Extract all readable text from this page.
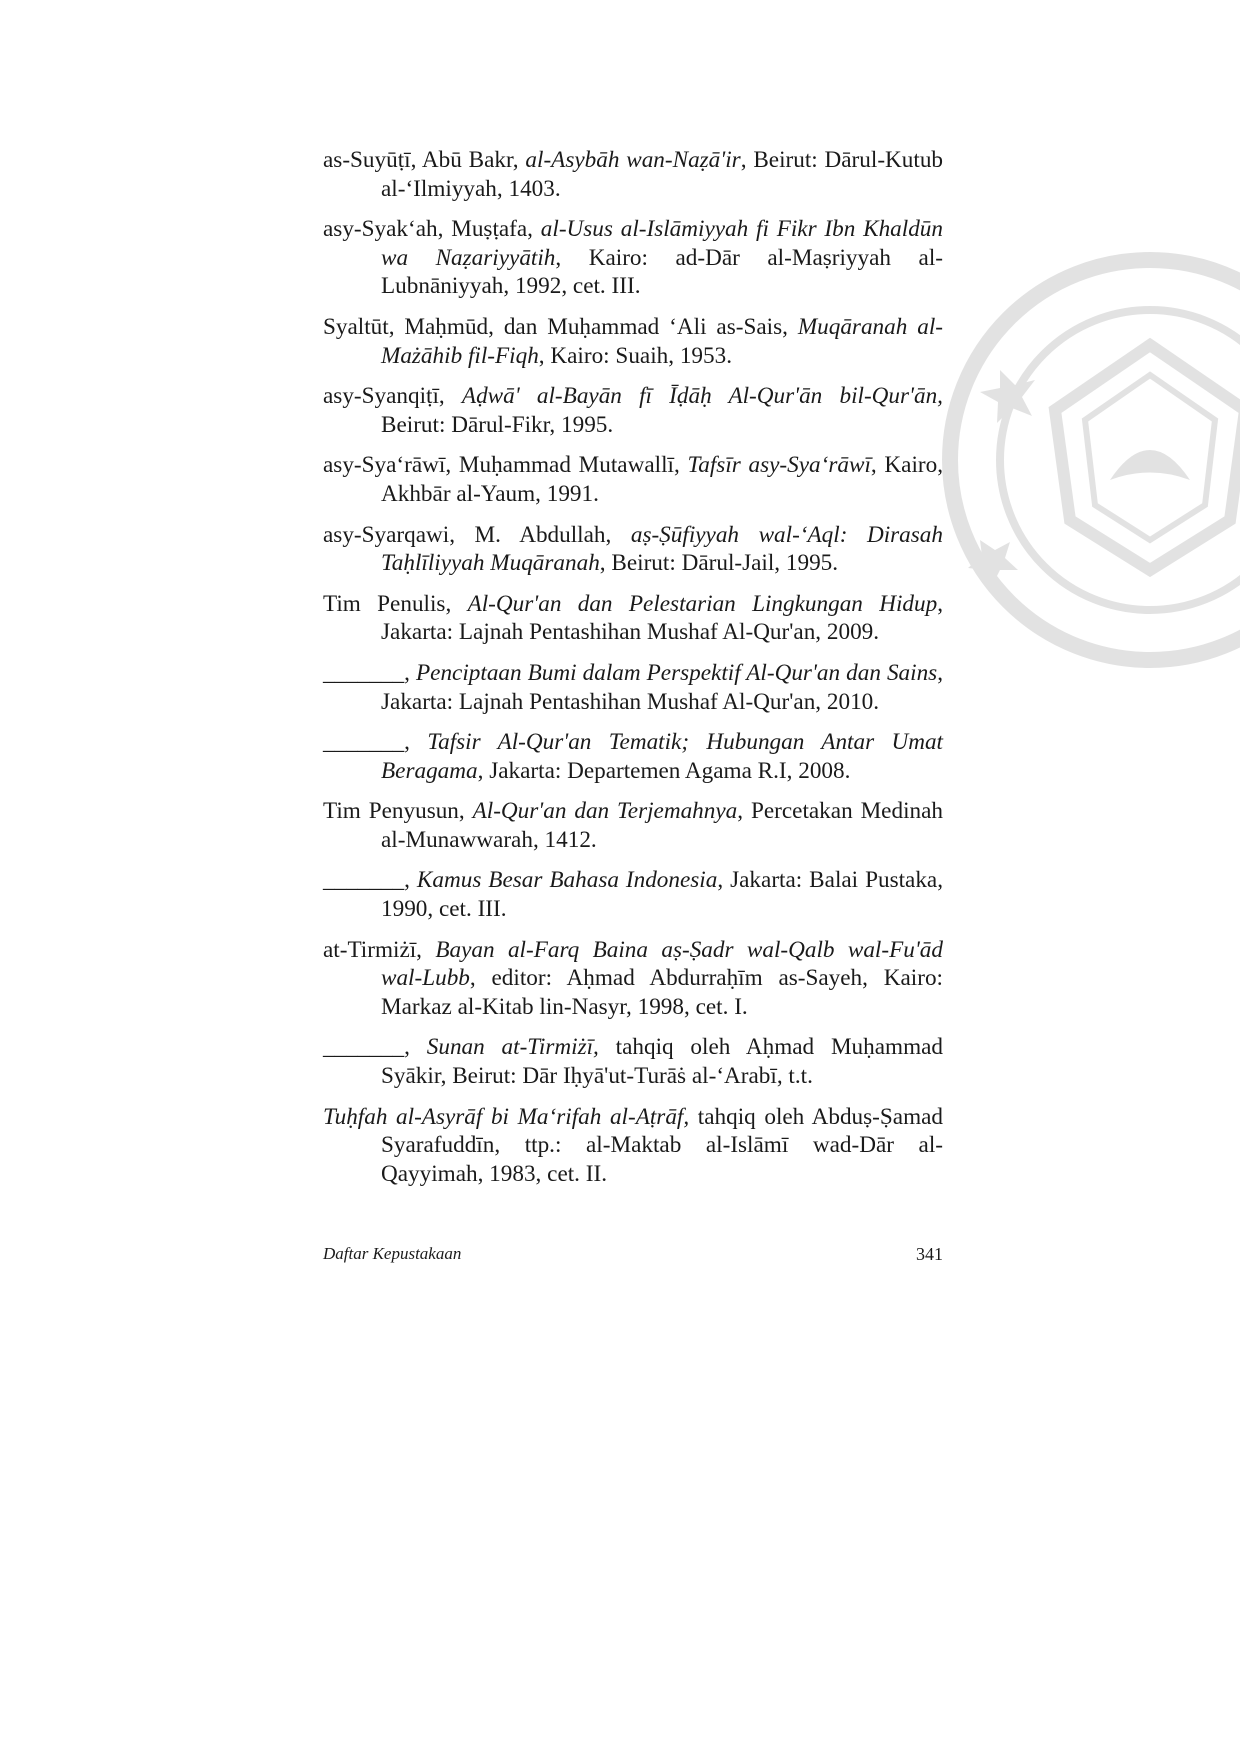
as-Suyūṭī, Abū Bakr, al-Asybāh wan-Naẓā'ir, Beirut: Dārul-Kutub al-‘Ilmiyyah, 1403.
asy-Syak‘ah, Muṣṭafa, al-Usus al-Islāmiyyah fi Fikr Ibn Khaldūn wa Naẓariyyātih, Kairo: ad-Dār al-Maṣriyyah al-Lubnāniyyah, 1992, cet. III.
Syaltūt, Maḥmūd, dan Muḥammad ‘Ali as-Sais, Muqāranah al-Mażāhib fil-Fiqh, Kairo: Suaih, 1953.
asy-Syanqiṭī, Aḍwā' al-Bayān fī Īḍāḥ Al-Qur'ān bil-Qur'ān, Beirut: Dārul-Fikr, 1995.
asy-Sya‘rāwī, Muḥammad Mutawallī, Tafsīr asy-Sya‘rāwī, Kairo, Akhbār al-Yaum, 1991.
asy-Syarqawi, M. Abdullah, aṣ-Ṣūfiyyah wal-‘Aql: Dirasah Taḥlīliyyah Muqāranah, Beirut: Dārul-Jail, 1995.
Tim Penulis, Al-Qur'an dan Pelestarian Lingkungan Hidup, Jakarta: Lajnah Pentashihan Mushaf Al-Qur'an, 2009.
_______, Penciptaan Bumi dalam Perspektif Al-Qur'an dan Sains, Jakarta: Lajnah Pentashihan Mushaf Al-Qur'an, 2010.
_______, Tafsir Al-Qur'an Tematik; Hubungan Antar Umat Beragama, Jakarta: Departemen Agama R.I, 2008.
Tim Penyusun, Al-Qur'an dan Terjemahnya, Percetakan Medinah al-Munawwarah, 1412.
_______, Kamus Besar Bahasa Indonesia, Jakarta: Balai Pustaka, 1990, cet. III.
at-Tirmiżī, Bayan al-Farq Baina aṣ-Ṣadr wal-Qalb wal-Fu'ād wal-Lubb, editor: Aḥmad Abdurraḥīm as-Sayeh, Kairo: Markaz al-Kitab lin-Nasyr, 1998, cet. I.
_______, Sunan at-Tirmiżī, tahqiq oleh Aḥmad Muḥammad Syākir, Beirut: Dār Iḥyā'ut-Turāṡ al-‘Arabī, t.t.
Tuḥfah al-Asyrāf bi Ma‘rifah al-Aṭrāf, tahqiq oleh Abduṣ-Ṣamad Syarafuddīn, ttp.: al-Maktab al-Islāmī wad-Dār al-Qayyimah, 1983, cet. II.
Daftar Kepustakaan	341
